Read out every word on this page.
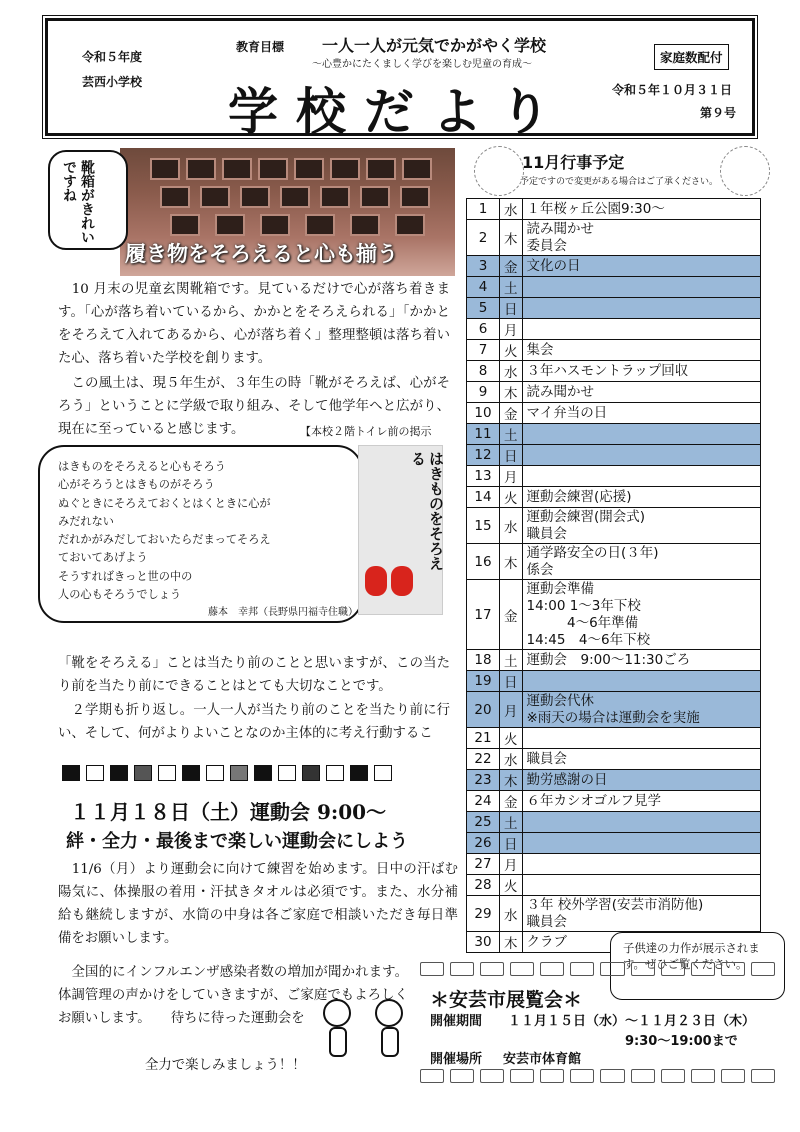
令和５年度
芸西小学校
教育目標 一人一人が元気でかがやく学校
～心豊かにたくましく学びを楽しむ児童の育成～
学校だより
家庭数配付
令和５年１０月３１日
第９号
履き物をそろえると心も揃う
靴箱がきれいですね
　10 月末の児童玄関靴箱です。見ているだけで心が落ち着きます。「心が落ち着いているから、かかとをそろえられる」「かかとをそろえて入れてあるから、心が落ち着く」整理整頓は落ち着いた心、落ち着いた学校を創ります。
　この風土は、現５年生が、３年生の時「靴がそろえば、心がそろう」ということに学級で取り組み、そして他学年へと広がり、現在に至っていると感じます。	【本校２階トイレ前の掲示
はきものをそろえると心もそろう
心がそろうとはきものがそろう
ぬぐときにそろえておくとはくときに心が
みだれない
だれかがみだしておいたらだまってそろえ
ておいてあげよう
そうすればきっと世の中の
人の心もそろうでしょう
藤本　幸邦（長野県円福寺住職）
はきものをそろえる
「靴をそろえる」ことは当たり前のことと思いますが、この当たり前を当たり前にできることはとても大切なことです。
　２学期も折り返し。一人一人が当たり前のことを当たり前に行い、そして、何がよりよいことなのか主体的に考え行動するこ
１１月１８日（土）運動会 9:00～
絆・全力・最後まで楽しい運動会にしよう
　11/6（月）より運動会に向けて練習を始めます。日中の汗ばむ陽気に、体操服の着用・汗拭きタオルは必須です。また、水分補給も継続しますが、水筒の中身は各ご家庭で相談いただき毎日準備をお願いします。
　全国的にインフルエンザ感染者数の増加が聞かれます。体調管理の声かけをしていきますが、ご家庭でもよろしくお願いします。　　待ちに待った運動会を
全力で楽しみましょう！！
11月行事予定
予定ですので変更がある場合はご了承ください。
1	水	１年桜ヶ丘公園9:30～

2	木	読み聞かせ
委員会

3	金	文化の日

4	土	

5	日	

6	月	

7	火	集会

8	水	３年ハスモントラップ回収

9	木	読み聞かせ

10	金	マイ弁当の日

11	土	

12	日	

13	月	

14	火	運動会練習(応援)

15	水	運動会練習(開会式)
職員会

16	木	通学路安全の日(３年)
係会

17	金	運動会準備
14:00 1～3年下校
　　　4～6年準備
14:45　4～6年下校

18	土	運動会　9:00～11:30ごろ

19	日	

20	月	運動会代休
※雨天の場合は運動会を実施

21	火	

22	水	職員会

23	木	勤労感謝の日

24	金	６年カシオゴルフ見学

25	土	

26	日	

27	月	

28	火	

29	水	３年 校外学習(安芸市消防他)
職員会

30	木	クラブ	子供達の力作が展示されます。ぜひご覧ください。
＊安芸市展覧会＊
開催期間 １１月１５日（水）～１１月２３日（木）
9:30～19:00まで
開催場所 安芸市体育館
